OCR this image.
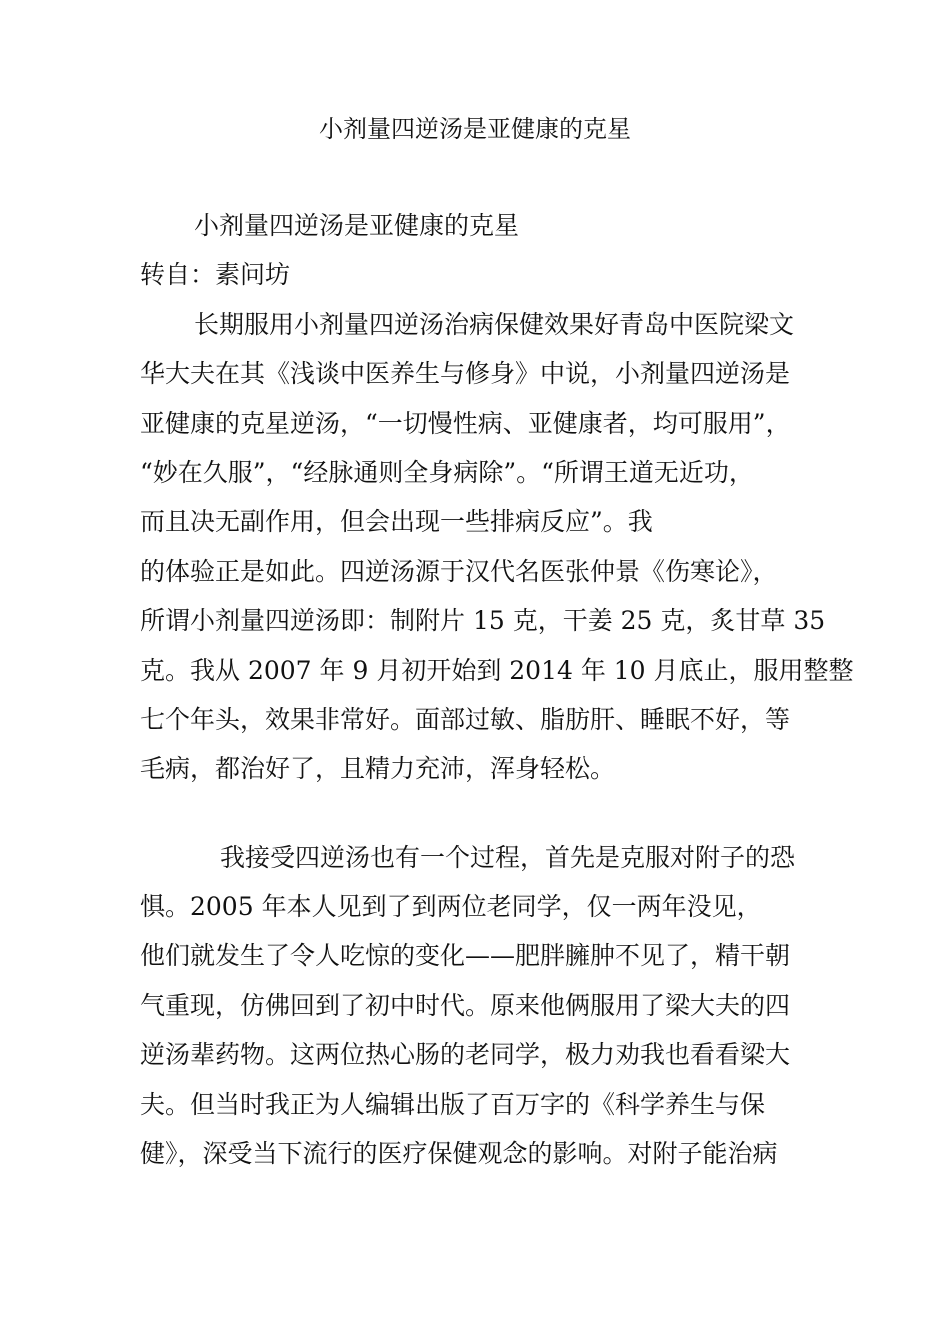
小剂量四逆汤是亚健康的克星
小剂量四逆汤是亚健康的克星
转自：素问坊
长期服用小剂量四逆汤治病保健效果好青岛中医院梁文
华大夫在其《浅谈中医养生与修身》中说，小剂量四逆汤是
亚健康的克星逆汤，“一切慢性病、亚健康者，均可服用”，
“妙在久服”，“经脉通则全身病除”。“所谓王道无近功，
而且决无副作用，但会出现一些排病反应”。我
的体验正是如此。四逆汤源于汉代名医张仲景《伤寒论》，
所谓小剂量四逆汤即：制附片 15 克，干姜 25 克，炙甘草 35
克。我从 2007 年 9 月初开始到 2014 年 10 月底止，服用整整
七个年头，效果非常好。面部过敏、脂肪肝、睡眠不好，等
毛病，都治好了，且精力充沛，浑身轻松。
我接受四逆汤也有一个过程，首先是克服对附子的恐
惧。2005 年本人见到了到两位老同学，仅一两年没见，
他们就发生了令人吃惊的变化——肥胖臃肿不见了，精干朝
气重现，仿佛回到了初中时代。原来他俩服用了梁大夫的四
逆汤辈药物。这两位热心肠的老同学，极力劝我也看看梁大
夫。但当时我正为人编辑出版了百万字的《科学养生与保
健》，深受当下流行的医疗保健观念的影响。对附子能治病
